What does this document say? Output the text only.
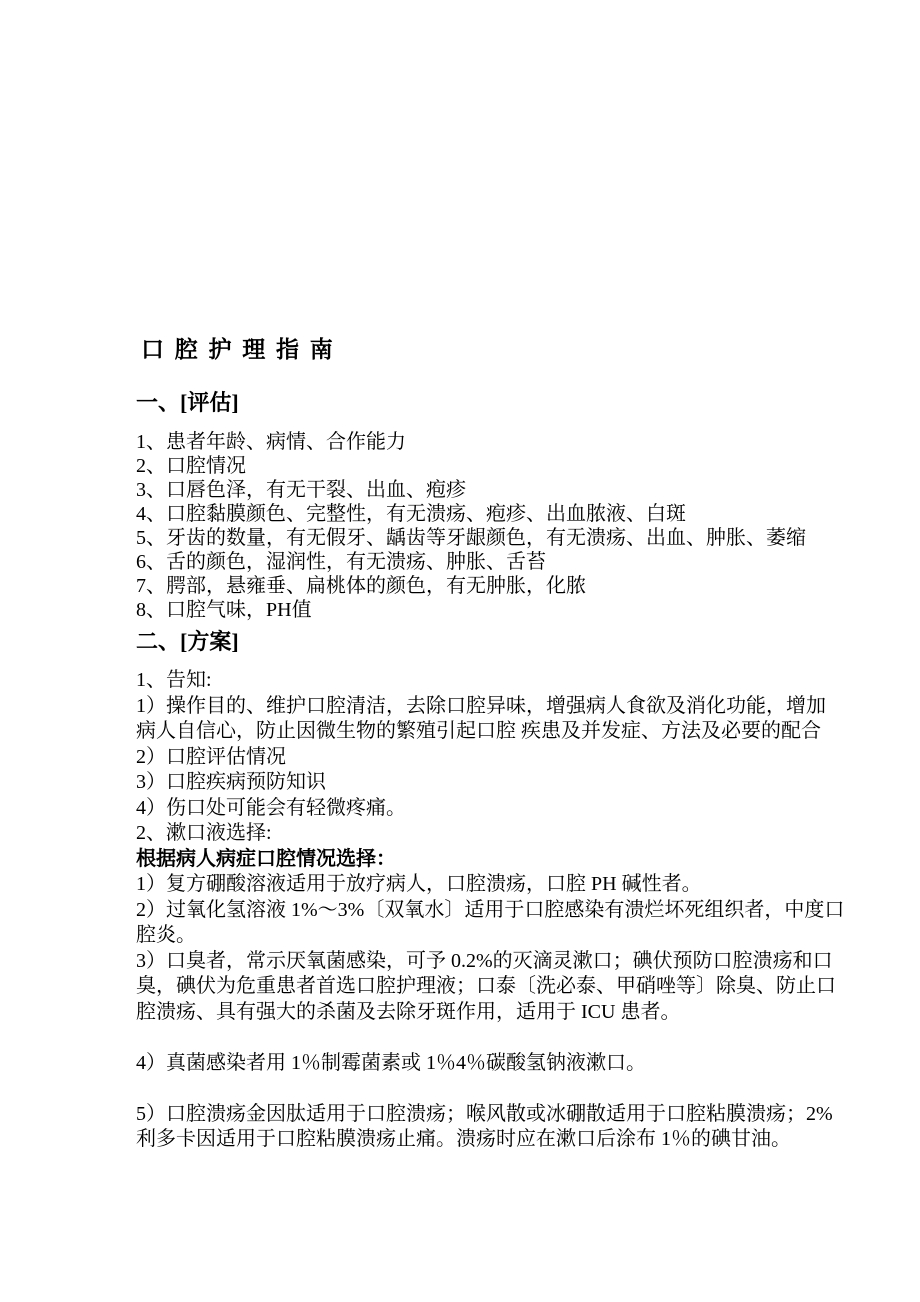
口 腔 护 理 指 南
一、[评估]

1、患者年龄、病情、合作能力

2、口腔情况

3、口唇色泽，有无干裂、出血、疱疹

4、口腔黏膜颜色、完整性，有无溃疡、疱疹、出血脓液、白斑

5、牙齿的数量，有无假牙、龋齿等牙龈颜色，有无溃疡、出血、肿胀、萎缩

6、舌的颜色，湿润性，有无溃疡、肿胀、舌苔

7、腭部，悬雍垂、扁桃体的颜色，有无肿胀，化脓

8、口腔气味，PH值

二、[方案]

1、告知:

1）操作目的、维护口腔清洁，去除口腔异味，增强病人食欲及消化功能，增加

病人自信心，防止因微生物的繁殖引起口腔 疾患及并发症、方法及必要的配合

2）口腔评估情况

3）口腔疾病预防知识

4）伤口处可能会有轻微疼痛。

2、漱口液选择:

根据病人病症口腔情况选择：

1）复方硼酸溶液适用于放疗病人，口腔溃疡，口腔 PH 碱性者。

2）过氧化氢溶液 1%～3%〔双氧水〕适用于口腔感染有溃烂坏死组织者，中度口

腔炎。

3）口臭者，常示厌氧菌感染，可予 0.2%的灭滴灵漱口；碘伏预防口腔溃疡和口

臭，碘伏为危重患者首选口腔护理液；口泰〔洗必泰、甲硝唑等〕除臭、防止口

腔溃疡、具有强大的杀菌及去除牙斑作用，适用于 ICU 患者。

4）真菌感染者用 1％制霉菌素或 1％4％碳酸氢钠液漱口。

5）口腔溃疡金因肽适用于口腔溃疡；喉风散或冰硼散适用于口腔粘膜溃疡；2%

利多卡因适用于口腔粘膜溃疡止痛。溃疡时应在漱口后涂布 1％的碘甘油。
